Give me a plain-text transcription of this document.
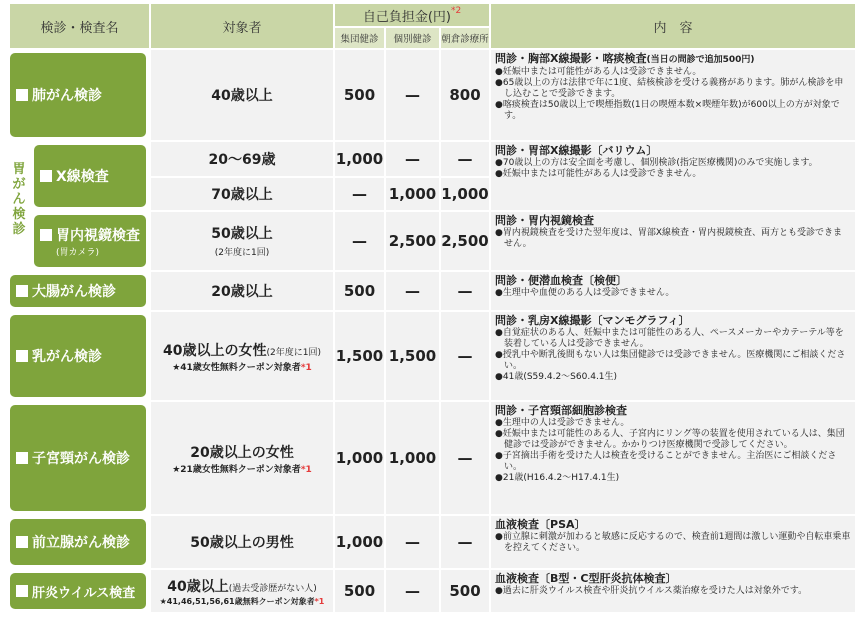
検診・検査名	対象者	自己負担金(円)$^{*2}$			内　容
		集団健診	個別健診	朝倉診療所	

肺がん検診	40歳以上	500	—	800	問診・胸部X線撮影・喀痰検査(当日の問診で追加500円)
●妊娠中または可能性がある人は受診できません。
●65歳以上の方は法律で年に1度、結核検診を受ける義務があります。肺がん検診を申し込むことで受診できます。
●喀痰検査は50歳以上で喫煙指数(1日の喫煙本数×喫煙年数)が600以上の方が対象です。

X線検査	20～69歳	1,000	—	—	問診・胃部X線撮影〔バリウム〕
●70歳以上の方は安全面を考慮し、個別検診(指定医療機関)のみで実施します。
●妊娠中または可能性がある人は受診できません。

	70歳以上	—	1,000	1,000	

胃内視鏡検査
(胃カメラ)	50歳以上
(2年度に1回)	—	2,500	2,500	問診・胃内視鏡検査
●胃内視鏡検査を受けた翌年度は、胃部X線検査・胃内視鏡検査、両方とも受診できません。

大腸がん検診	20歳以上	500	—	—	問診・便潜血検査〔検便〕
●生理中や血便のある人は受診できません。

乳がん検診	40歳以上の女性(2年度に1回)
★41歳女性無料クーポン対象者*1	1,500	1,500	—	問診・乳房X線撮影〔マンモグラフィ〕
●自覚症状のある人、妊娠中または可能性のある人、ペースメーカーやカテーテル等を装着している人は受診できません。
●授乳中や断乳後間もない人は集団健診では受診できません。医療機関にご相談ください。
●41歳(S59.4.2～S60.4.1生)

子宮頸がん検診	20歳以上の女性
★21歳女性無料クーポン対象者*1	1,000	1,000	—	問診・子宮頸部細胞診検査
●生理中の人は受診できません。
●妊娠中または可能性のある人、子宮内にリング等の装置を使用されている人は、集団健診では受診ができません。かかりつけ医療機関で受診してください。
●子宮摘出手術を受けた人は検査を受けることができません。主治医にご相談ください。
●21歳(H16.4.2～H17.4.1生)

前立腺がん検診	50歳以上の男性	1,000	—	—	血液検査〔PSA〕
●前立腺に刺激が加わると敏感に反応するので、検査前1週間は激しい運動や自転車乗車を控えてください。

肝炎ウイルス検査	40歳以上(過去受診歴がない人)
★41,46,51,56,61歳無料クーポン対象者*1	500	—	500	血液検査〔B型・C型肝炎抗体検査〕
●過去に肝炎ウイルス検査や肝炎抗ウイルス薬治療を受けた人は対象外です。
胃がん検診
